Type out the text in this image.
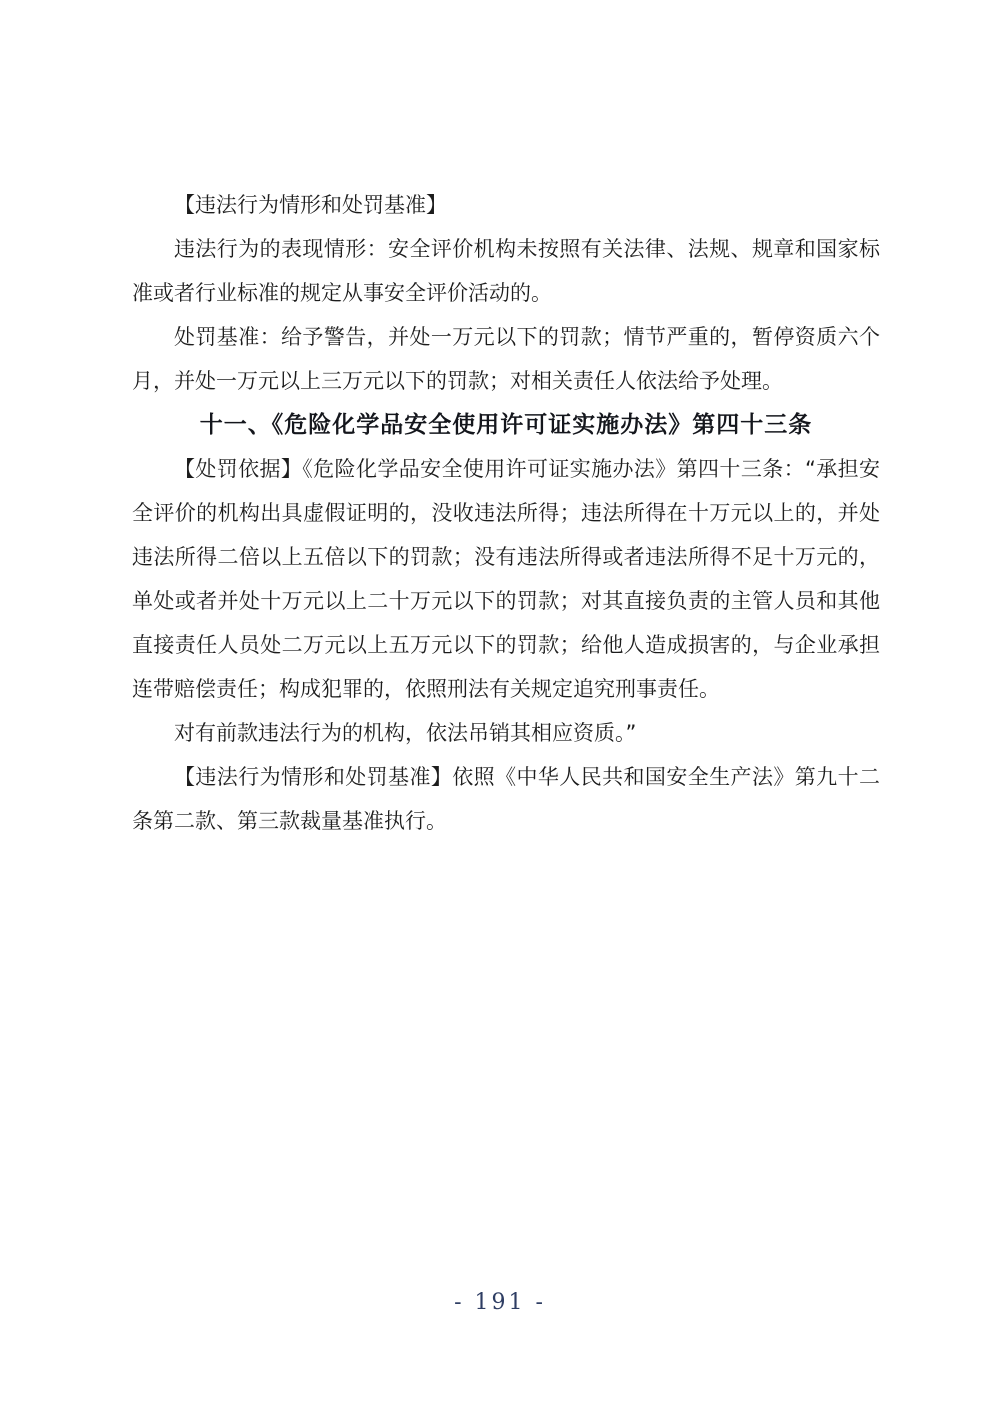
【违法行为情形和处罚基准】

违法行为的表现情形：安全评价机构未按照有关法律、法规、规章和国家标准或者行业标准的规定从事安全评价活动的。

处罚基准：给予警告，并处一万元以下的罚款；情节严重的，暂停资质六个月，并处一万元以上三万元以下的罚款；对相关责任人依法给予处理。

十一、《危险化学品安全使用许可证实施办法》第四十三条

【处罚依据】《危险化学品安全使用许可证实施办法》第四十三条：“承担安全评价的机构出具虚假证明的，没收违法所得；违法所得在十万元以上的，并处违法所得二倍以上五倍以下的罚款；没有违法所得或者违法所得不足十万元的，单处或者并处十万元以上二十万元以下的罚款；对其直接负责的主管人员和其他直接责任人员处二万元以上五万元以下的罚款；给他人造成损害的，与企业承担连带赔偿责任；构成犯罪的，依照刑法有关规定追究刑事责任。

对有前款违法行为的机构，依法吊销其相应资质。”

【违法行为情形和处罚基准】依照《中华人民共和国安全生产法》第九十二条第二款、第三款裁量基准执行。

- 191 -
